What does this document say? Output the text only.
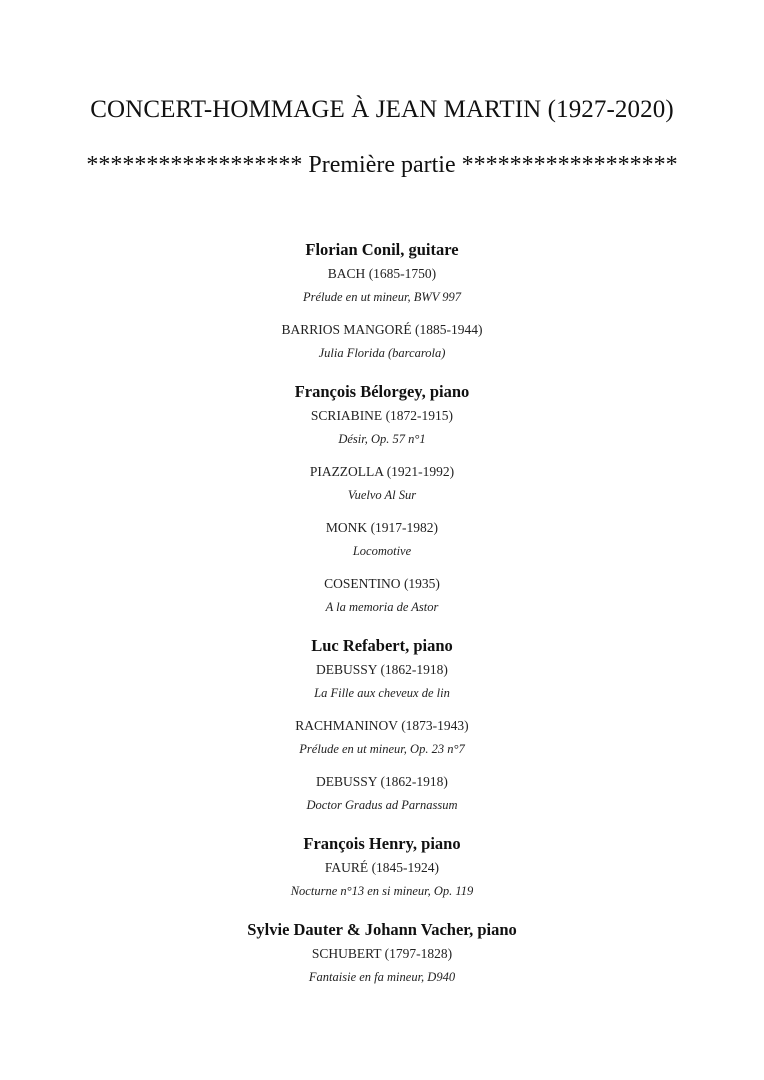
CONCERT-HOMMAGE À JEAN MARTIN (1927-2020)
****************** Première partie ******************
Florian Conil, guitare
BACH (1685-1750)
Prélude en ut mineur, BWV 997
BARRIOS MANGORÉ (1885-1944)
Julia Florida (barcarola)
François Bélorgey, piano
SCRIABINE (1872-1915)
Désir, Op. 57 n°1
PIAZZOLLA (1921-1992)
Vuelvo Al Sur
MONK (1917-1982)
Locomotive
COSENTINO (1935)
A la memoria de Astor
Luc Refabert, piano
DEBUSSY (1862-1918)
La Fille aux cheveux de lin
RACHMANINOV (1873-1943)
Prélude en ut mineur, Op. 23 n°7
DEBUSSY (1862-1918)
Doctor Gradus ad Parnassum
François Henry, piano
FAURÉ (1845-1924)
Nocturne n°13 en si mineur, Op. 119
Sylvie Dauter & Johann Vacher, piano
SCHUBERT (1797-1828)
Fantaisie en fa mineur, D940
